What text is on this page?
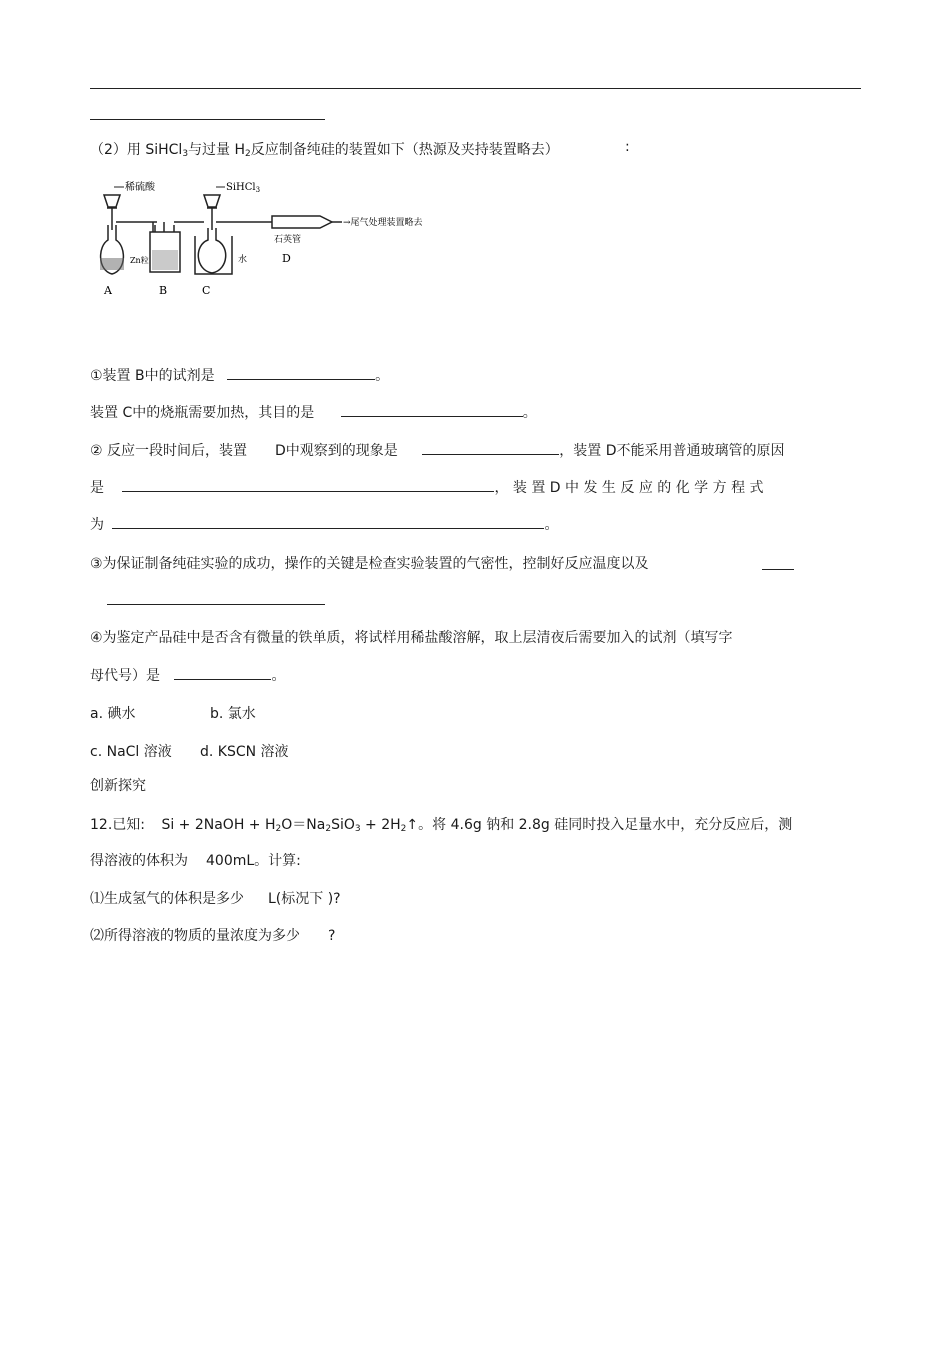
（2）用 SiHCl$_3$与过量 $H_2$反应制备纯硅的装置如下（热源及夹持装置略去）	:
稀硫酸	SiHCl$_3$
→尾气处理装置略去
石英管
D
Zn粒	水
A	B	C
①装置 B中的试剂是	。
装置 C中的烧瓶需要加热，其目的是	。
② 反应一段时间后，装置 D中观察到的现象是	，装置 D不能采用普通玻璃管的原因
是	， 装 置 D 中 发 生 反 应 的 化 学 方 程 式
为	。
③为保证制备纯硅实验的成功，操作的关键是检查实验装置的气密性，控制好反应温度以及
④为鉴定产品硅中是否含有微量的铁单质，将试样用稀盐酸溶解，取上层清夜后需要加入的试剂（填写字
母代号）是	。
a. 碘水	b. 氯水
c. NaCl 溶液 d. KSCN 溶液
创新探究
12.已知: Si + 2NaOH + $H_2O=Na_2SiO_3$ + $2H_2↑$。将 4.6g 钠和 2.8g 硅同时投入足量水中，充分反应后，测
得溶液的体积为 400mL。计算:
⑴生成氢气的体积是多少 L(标况下 )?
⑵所得溶液的物质的量浓度为多少 ?
